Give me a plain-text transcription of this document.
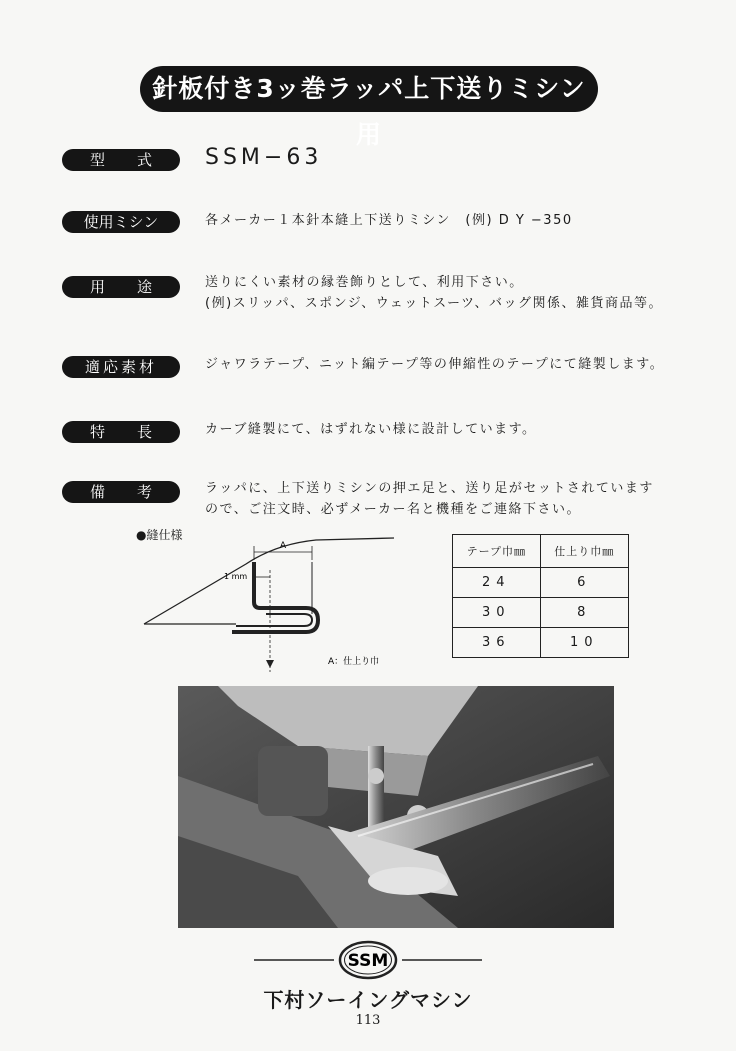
針板付き3ッ巻ラッパ上下送りミシン用
型 式 SSM−63
使用ミシン	各メーカー１本針本縫上下送りミシン　(例) D Y −350
用 途	送りにくい素材の縁巻飾りとして、利用下さい。
(例)スリッパ、スポンジ、ウェットスーツ、バッグ関係、雑貨商品等。
適応素材	ジャワラテープ、ニット編テープ等の伸縮性のテープにて縫製します。
特 長	カーブ縫製にて、はずれない様に設計しています。
備 考	ラッパに、上下送りミシンの押エ足と、送り足がセットされています
ので、ご注文時、必ずメーカー名と機種をご連絡下さい。
●縫仕様
A
1 mm
A：仕上り巾
テープ巾㎜	仕上り巾㎜
24	6
30	8
36	10
SSM
下村ソーイングマシン
113
